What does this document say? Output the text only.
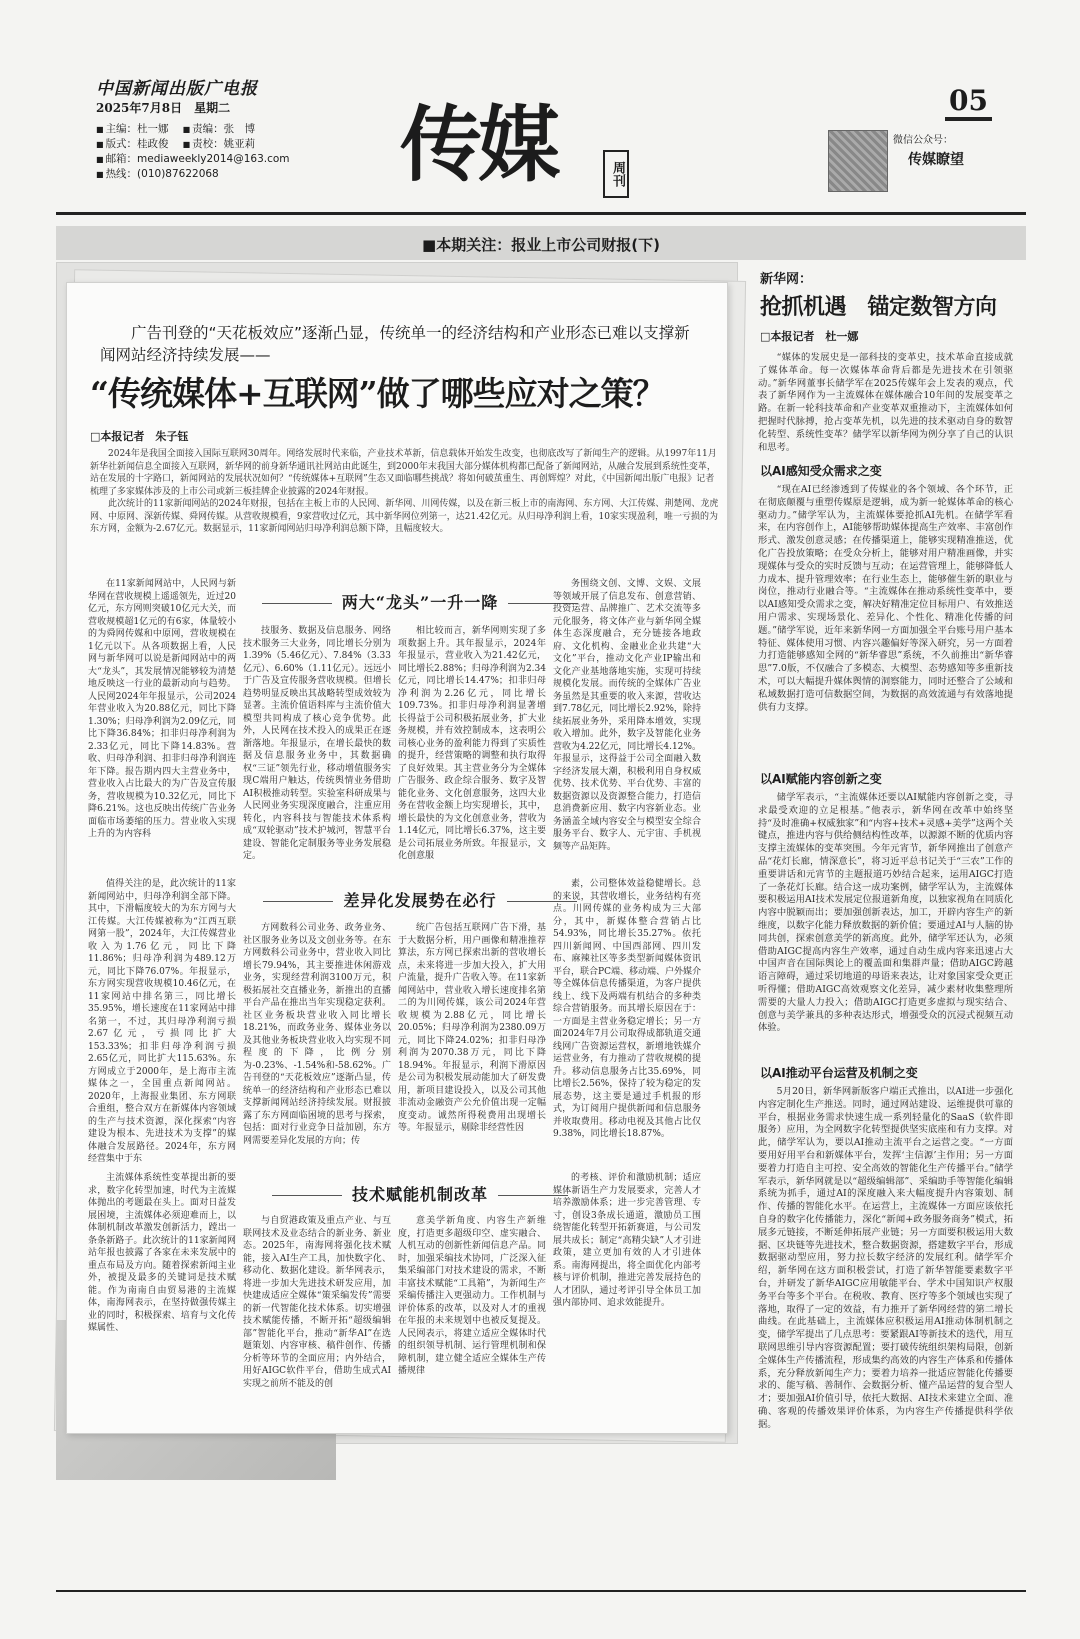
中国新闻出版广电报
2025年7月8日　星期二
■ 主编：杜一娜	■ 责编：张　博
■ 版式：桂政俊	■ 责校：姚亚莉
■ 邮箱：mediaweekly2014@163.com
■ 热线：(010)87622068	传媒	周刊
05
微信公众号：
传媒瞭望
■本期关注：报业上市公司财报(下)
广告刊登的“天花板效应”逐渐凸显，传统单一的经济结构和产业形态已难以支撑新闻网站经济持续发展——
“传统媒体+互联网”做了哪些应对之策？
□本报记者　朱子钰

2024年是我国全面接入国际互联网30周年。网络发展时代来临，产业技术革新，信息载体开始发生改变，也彻底改写了新闻生产的逻辑。从1997年11月新华社新闻信息全面接入互联网，新华网的前身新华通讯社网站由此诞生，到2000年末我国大部分媒体机构都已配备了新闻网站，从融合发展到系统性变革，站在发展的十字路口，新闻网站的发展状况如何？“传统媒体+互联网”生态又面临哪些挑战？将如何破茧重生、再创辉煌？对此，《中国新闻出版广电报》记者梳理了多家媒体涉及的上市公司或新三板挂牌企业披露的2024年财报。

此次统计的11家新闻网站的2024年财报，包括在主板上市的人民网、新华网、川网传媒，以及在新三板上市的南海网、东方网、大江传媒、荆楚网、龙虎网、中原网、深新传媒、舜网传媒。从营收规模看，9家营收过亿元，其中新华网位列第一，达21.42亿元。从归母净利润上看，10家实现盈利，唯一亏损的为东方网，金额为-2.67亿元。数据显示，11家新闻网站归母净利润总额下降，且幅度较大。

两大“龙头”一升一降

在11家新闻网站中，人民网与新华网在营收规模上遥遥领先，近过20亿元，东方网则突破10亿元大关，而营收规模超1亿元的有6家，体量较小的为舜网传媒和中原网，营收规模在1亿元以下。从各项数据上看，人民网与新华网可以说是新闻网站中的两大“龙头”，其发展情况能够较为清楚地反映这一行业的最新动向与趋势。人民网2024年年报显示，公司2024年营业收入为20.88亿元，同比下降1.30%；归母净利润为2.09亿元，同比下降36.84%；扣非归母净利润为2.33亿元，同比下降14.83%。营收、归母净利润、扣非归母净利润连年下降。报告期内四大主营业务中，营业收入占比最大的为广告及宣传服务，营收规模为10.32亿元，同比下降6.21%。这也反映出传统广告业务面临市场萎缩的压力。营业收入实现上升的为内容科

技服务、数据及信息服务、网络技术服务三大业务，同比增长分别为1.39%（5.46亿元）、7.84%（3.33亿元）、6.60%（1.11亿元）。远远小于广告及宣传服务营收规模。但增长趋势明显反映出其战略转型成效较为显著。主流价值语料库与主流价值大模型共同构成了核心竞争优势。此外，人民网在技术投入的成果正在逐渐落地。年报显示，在增长最快的数据及信息服务业务中，其数据确权“三证”领先行业，移动增值服务实现C端用户触达，传统舆情业务借助AI积极推动转型。实验室科研成果与人民网业务实现深度融合，注重应用转化，内容科技与智能技术体系构成“双轮驱动”技术护城河，智慧平台建设、智能化定制服务等业务发展稳定。

相比较而言，新华网则实现了多项数据上升。其年报显示，2024年年报显示，营业收入为21.42亿元，同比增长2.88%；归母净利润为2.34亿元，同比增长14.47%；扣非归母净利润为2.26亿元，同比增长109.73%。扣非归母净利润显著增长得益于公司积极拓展业务，扩大业务规模，并有效控制成本，这表明公司核心业务的盈利能力得到了实质性的提升，经营策略的调整和执行取得了良好效果。其主营业务分为全媒体广告服务、政企综合服务、数字及智能化业务、文化创意服务，这四大业务在营收金额上均实现增长，其中，增长最快的为文化创意业务，营收为1.14亿元，同比增长6.37%，这主要是公司拓展业务所致。年报显示，文化创意服

务围绕文创、文博、文娱、文展等领域开展了信息发布、创意营销、投资运营、品牌推广、艺术交流等多元化服务，将文体产业与新华网全媒体生态深度融合，充分链接各地政府、文化机构、金融业企业共建“大文化”平台，推动文化产业IP输出和文化产业基地落地实施，实现可持续规模化发展。而传统的全媒体广告业务虽然是其重要的收入来源，营收达到7.78亿元，同比增长2.92%，除持续拓展业务外，采用降本增效，实现收入增加。此外，数字及智能化业务营收为4.22亿元，同比增长4.12%。年报显示，这得益于公司全面融入数字经济发展大潮，积极利用自身权威优势、技术优势、平台优势、丰富的数据资源以及资源整合能力，打造信息消费新应用、数字内容新业态。业务涵盖全域内容安全与模型安全综合服务平台、数字人、元宇宙、手机视频等产品矩阵。

差异化发展势在必行

值得关注的是，此次统计的11家新闻网站中，归母净利润全部下降。其中，下滑幅度较大的为东方网与大江传媒。大江传媒被称为“江西互联网第一股”，2024年，大江传媒营业收入为1.76亿元，同比下降11.86%；归母净利润为489.12万元，同比下降76.07%。年报显示，东方网实现营收规模10.46亿元，在11家网站中排名第三，同比增长35.95%，增长速度在11家网站中排名第一，不过，其归母净利润亏损2.67亿元，亏损同比扩大153.33%；扣非归母净利润亏损2.65亿元，同比扩大115.63%。东方网成立于2000年，是上海市主流媒体之一，全国重点新闻网站。2020年，上海报业集团、东方网联合重组，整合双方在新媒体内容领域的生产与技术资源，深化探索“内容建设为根本、先进技术为支撑”的媒体融合发展路径。2024年，东方网经营集中于东

方网数科公司业务、政务业务、社区服务业务以及文创业务等。在东方网数科公司业务中，营业收入同比增长79.94%，其主要推进休闲游戏业务，实现经营利润3100万元，积极拓展社交直播业务，新推出的直播平台产品在推出当年实现稳定获利。社区业务板块营业收入同比增长18.21%，而政务业务、媒体业务以及其他业务板块营业收入均实现不同程度的下降，比例分别为-0.23%、-1.54%和-58.62%。广告刊登的“天花板效应”逐渐凸显，传统单一的经济结构和产业形态已难以支撑新闻网站经济持续发展。财报披露了东方网面临困境的思考与探索，包括：面对行业竞争日益加剧，东方网需要差异化发展的方向；传

统广告包括互联网广告下滑，基于大数据分析，用户画像和精准推荐算法，东方网已探索出新的营收增长点，未来将进一步加大投入，扩大用户流量，提升广告收入等。在11家新闻网站中，营业收入增长速度排名第二的为川网传媒，该公司2024年营收规模为2.88亿元，同比增长20.05%；归母净利润为2380.09万元，同比下降24.02%；扣非归母净利润为2070.38万元，同比下降18.94%。年报显示，利润下滑原因是公司为积极发展动能加大了研发费用，新项目建设投入，以及公司其他非流动金融资产公允价值出现一定幅度变动。诚然所得税费用出现增长等。年报显示，剔除非经营性因

素，公司整体效益稳健增长。总的来说，其营收增长，业务结构有亮点。川网传媒的业务构成为三大部分，其中，新媒体整合营销占比54.93%，同比增长35.27%。依托四川新闻网、中国西部网、四川发布、麻辣社区等多类型新闻媒体资讯平台，联合PC端、移动端、户外媒介等全媒体信息传播渠道，为客户提供线上、线下及两端有机结合的多种类综合营销服务。而其增长原因在于：一方面是主营业务稳定增长；另一方面2024年7月公司取得成都轨道交通线网广告资源运营权，新增地铁媒介运营业务，有力推动了营收规模的提升。移动信息服务占比35.69%，同比增长2.56%，保持了较为稳定的发展态势，这主要是通过手机报的形式，为订阅用户提供新闻和信息服务并收取费用。移动电视及其他占比仅9.38%，同比增长18.87%。

技术赋能机制改革

主流媒体系统性变革提出新的要求，数字化转型加速，时代为主流媒体抛出的考题最在头上。面对日益发展困境，主流媒体必须迎难而上，以体制机制改革激发创新活力，蹚出一条条新路子。此次统计的11家新闻网站年报也披露了各家在未来发展中的重点布局及方向。随着探索新闻主业外，被提及最多的关键词是技术赋能。作为南南自由贸易港的主流媒体，南海网表示，在坚持做强传媒主业的同时，积极探索、培育与文化传媒属性、

与自贸港政策及重点产业、与互联网技术及业态结合的新业务、新业态。2025年，南海网将强化技术赋能，接入AI生产工具，加快数字化、移动化、数据化建设。新华网表示，将进一步加大先进技术研发应用，加快建成适应全媒体“策采编发传”需要的新一代智能化技术体系。切实增强技术赋能传播，不断开拓“超级编辑部”智能化平台，推动“新华AI”在选题策划、内容审核、稿件创作、传播分析等环节的全面应用；内外结合，用好AIGC软件平台，借助生成式AI实现之前所不能及的创

意美学新角度、内容生产新维度，打造更多超级印空、虚实融合、人机互动的创新性新闻信息产品。同时，加强采编技术协同，广泛深入征集采编部门对技术建设的需求，不断丰富技术赋能“工具箱”，为新闻生产采编传播注入更强动力。工作机制与评价体系的改革，以及对人才的重视在年报的未来规划中也被反复提及。人民网表示，将建立适应全媒体时代的组织领导机制、运行管理机制和保障机制，建立健全适应全媒体生产传播规律

的考核、评价和激励机制；适应媒体新语生产力发展要求，完善人才培养激励体系；进一步完善管理、专寸，创设3条成长通道，激励员工围绕智能化转型开拓新赛道，与公司发展共成长；制定“高精尖缺”人才引进政策，建立更加有效的人才引进体系。南海网提出，将全面优化内部考核与评价机制，推进完善发展持色的人才团队，通过考评引导全体员工加强内部协同、追求效能提升。

新华网：
抢抓机遇　锚定数智方向
□本报记者　杜一娜

“媒体的发展史是一部科技的变革史，技术革命直接成就了媒体革命。每一次媒体革命背后都是先进技术在引领驱动。”新华网董事长储学军在2025传媒年会上发表的观点，代表了新华网作为一主流媒体在媒体融合10年间的发展变革之路。在新一轮科技革命和产业变革双重推动下，主流媒体如何把握时代脉搏，抢占变革先机，以先进的技术驱动自身的数智化转型、系统性变革？储学军以新华网为例分享了自己的认识和思考。

以AI感知受众需求之变

“现在AI已经渗透到了传媒业的各个领域、各个环节，正在彻底颠覆与重塑传媒原是逻辑，成为新一轮媒体革命的核心驱动力。”储学军认为，主流媒体要抢抓AI先机。在储学军看来，在内容创作上，AI能够帮助媒体提高生产效率、丰富创作形式、激发创意灵感；在传播渠道上，能够实现精准推送，优化广告投放策略；在受众分析上，能够对用户精准画像，并实现媒体与受众的实时反馈与互动；在运营管理上，能够降低人力成本、提升管理效率；在行业生态上，能够催生新的职业与岗位，推动行业融合等。“主流媒体在推动系统性变革中，要以AI感知受众需求之变，解决好精准定位目标用户、有效推送用户需求、实现场景化、差异化、个性化、精准化传播的问题。”储学军说，近年来新华网一方面加强全平台账号用户基本特征、媒体使用习惯、内容兴趣偏好等深入研究，另一方面着力打造能够感知全网的“新华睿思”系统，不久前推出“新华睿思”7.0版，不仅融合了多模态、大模型、态势感知等多重新技术，可以大幅提升媒体舆情的洞察能力，同时还整合了公域和私域数据打造可信数据空间，为数据的高效流通与有效落地提供有力支撑。

以AI赋能内容创新之变

储学军表示，“主流媒体还要以AI赋能内容创新之变，寻求最受欢迎的立足根基。”他表示，新华网在改革中始终坚持“及时准确+权威独家”和“内容+技术+灵感+美学”这两个关键点，推进内容与供给侧结构性改革，以源源不断的优质内容支撑主流媒体的变革突围。今年元宵节，新华网推出了创意产品“花灯长廊，情深意长”，将习近平总书记关于“三农”工作的重要讲话和元宵节的主题报道巧妙结合起来，运用AIGC打造了一条花灯长廊。结合这一成功案例，储学军认为，主流媒体要积极运用AI技术发展定位报道新角度，以独家视角在同质化内容中脱颖而出；要加强创新表达，加工，开辟内容生产的新维度，以数字化能力释放数据的新价值；要通过AI与人脑的协同共创，探索创意美学的新高度。此外，储学军还认为，必须借助AIGC提高内容生产效率，通过自动生成内容来迅速占大中国声音在国际舆论上的覆盖面和集群声量；借助AIGC跨越语言障碍，通过采切地道的母语来表达，让对象国家受众更正听得懂；借助AIGC高效观察文化差异，减少素材收集整理所需要的大量人力投入；借助AIGC打造更多虚拟与现实结合、创意与美学兼具的多种表达形式，增强受众的沉浸式视频互动体验。

以AI推动平台运营及机制之变

5月20日，新华网新版客户端正式推出，以AI进一步强化内容定制化生产推送。同时，通过网站建设、运维提供可靠的平台，根据业务需求快速生成一系列轻量化的SaaS（软件即服务）应用，为全网数字化转型提供坚实底座和有力支撑。对此，储学军认为，要以AI推动主流平台之运营之变。“一方面要用好用平台和新媒体平台，发挥‘主信源’主作用；另一方面要着力打造自主可控、安全高效的智能化生产传播平台。”储学军表示，新华网就是以“超级编辑部”、采编助手等智能化编辑系统为抓手，通过AI的深度融入来大幅度提升内容策划、制作、传播的智能化水平。在运营上，主流媒体一方面应该依托自身的数字化传播能力，深化“新闻+政务服务商务”模式，拓展多元链接，不断延伸拓展产业链；另一方面要积极运用大数据、区块链等先进技术，整合数据资源，搭建数字平台，形成数据驱动型应用，努力拉长数字经济的发展红利。储学军介绍，新华网在这方面积极尝试，打造了新华智能要素数字平台，并研发了新华AIGC应用敏能平台、学术中国知识产权服务平台等多个平台。在税收、教育、医疗等多个领域也实现了落地，取得了一定的效益，有力推开了新华网经营的第二增长曲线。在此基础上，主流媒体应积极运用AI推动体制机制之变，储学军提出了几点思考：要紧跟AI等新技术的迭代，用互联网思维引导内容资源配置；要打破传统组织架构局限，创新全媒体生产传播流程，形成集约高效的内容生产体系和传播体系，充分释放新闻生产力；要着力培养一批适应智能化传播要求的、能写稿、善制作、会数据分析、懂产品运营的复合型人才；要加强AI价值引导，依托大数据、AI技术来建立全面、准确、客观的传播效果评价体系，为内容生产传播提供科学依据。
